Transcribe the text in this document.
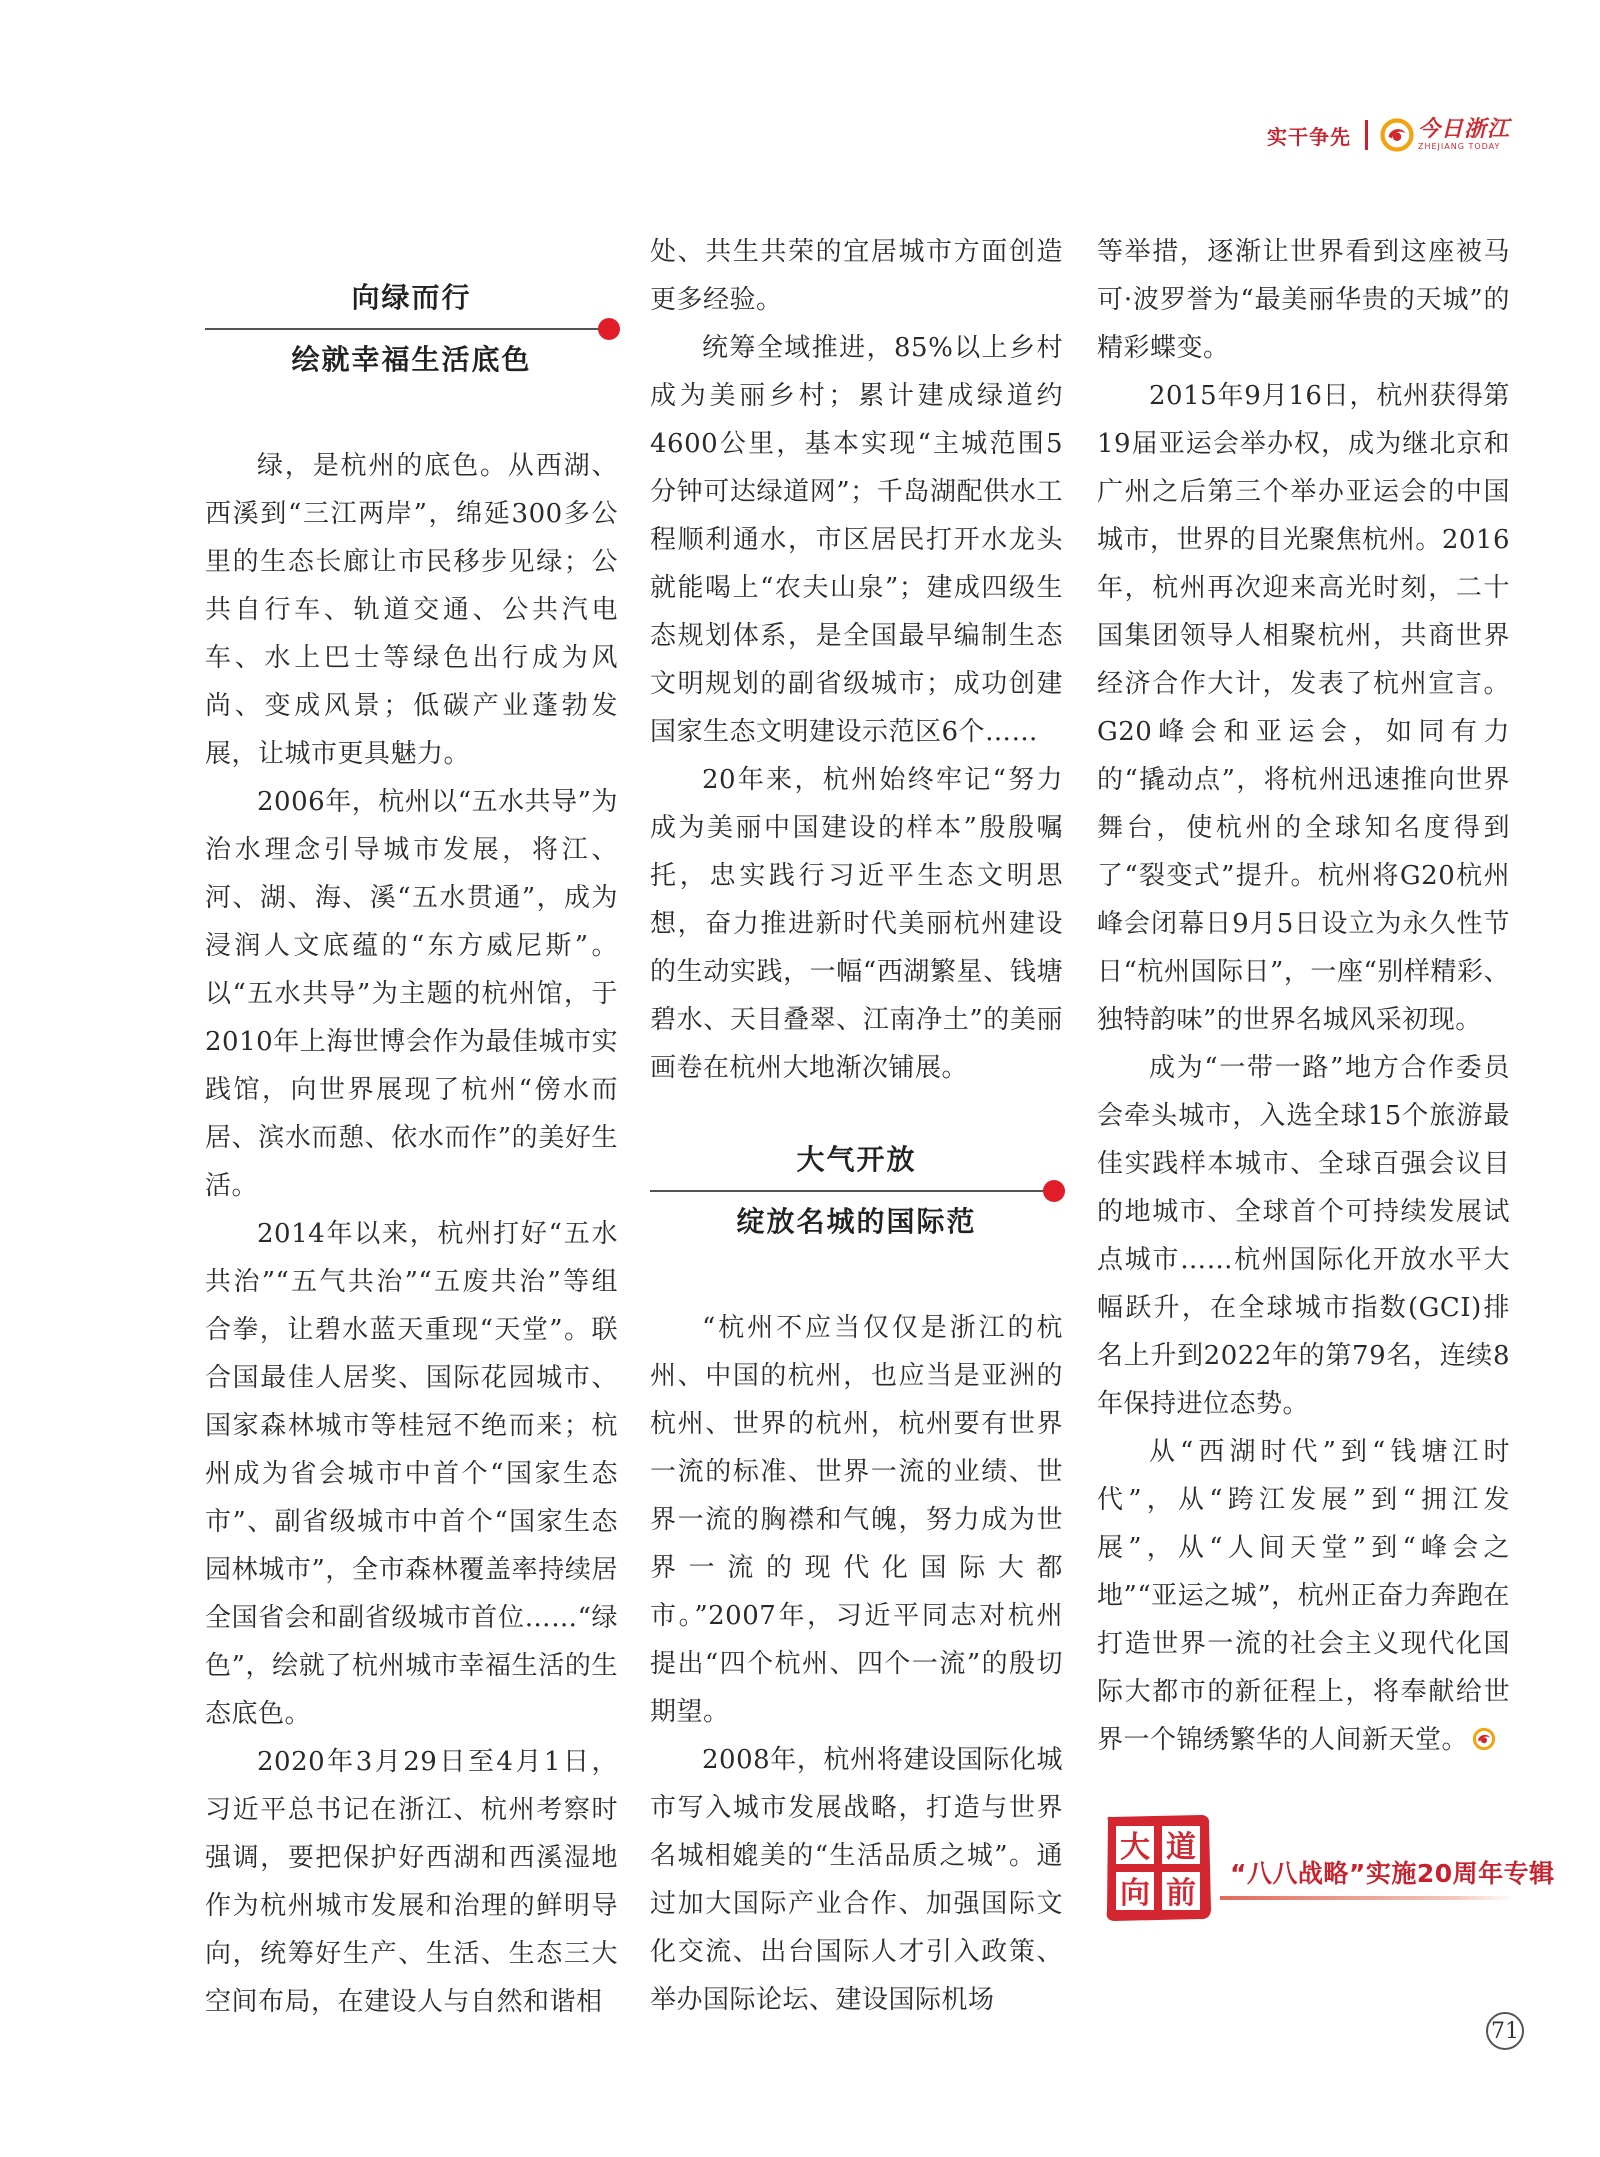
实干争先	今日浙江
ZHEJIANG TODAY
向绿而行
绘就幸福生活底色

绿，是杭州的底色。从西湖、西溪到“三江两岸”，绵延300多公里的生态长廊让市民移步见绿；公共自行车、轨道交通、公共汽电车、水上巴士等绿色出行成为风尚、变成风景；低碳产业蓬勃发展，让城市更具魅力。

2006年，杭州以“五水共导”为治水理念引导城市发展，将江、河、湖、海、溪“五水贯通”，成为浸润人文底蕴的“东方威尼斯”。以“五水共导”为主题的杭州馆，于2010年上海世博会作为最佳城市实践馆，向世界展现了杭州“傍水而居、滨水而憩、依水而作”的美好生活。

2014年以来，杭州打好“五水共治”“五气共治”“五废共治”等组合拳，让碧水蓝天重现“天堂”。联合国最佳人居奖、国际花园城市、国家森林城市等桂冠不绝而来；杭州成为省会城市中首个“国家生态市”、副省级城市中首个“国家生态园林城市”，全市森林覆盖率持续居全国省会和副省级城市首位……“绿色”，绘就了杭州城市幸福生活的生态底色。

2020年3月29日至4月1日，习近平总书记在浙江、杭州考察时强调，要把保护好西湖和西溪湿地作为杭州城市发展和治理的鲜明导向，统筹好生产、生活、生态三大空间布局，在建设人与自然和谐相

处、共生共荣的宜居城市方面创造更多经验。

统筹全域推进，85%以上乡村成为美丽乡村；累计建成绿道约4600公里，基本实现“主城范围5分钟可达绿道网”；千岛湖配供水工程顺利通水，市区居民打开水龙头就能喝上“农夫山泉”；建成四级生态规划体系，是全国最早编制生态文明规划的副省级城市；成功创建国家生态文明建设示范区6个……

20年来，杭州始终牢记“努力成为美丽中国建设的样本”殷殷嘱托，忠实践行习近平生态文明思想，奋力推进新时代美丽杭州建设的生动实践，一幅“西湖繁星、钱塘碧水、天目叠翠、江南净土”的美丽画卷在杭州大地渐次铺展。

大气开放
绽放名城的国际范

“杭州不应当仅仅是浙江的杭州、中国的杭州，也应当是亚洲的杭州、世界的杭州，杭州要有世界一流的标准、世界一流的业绩、世界一流的胸襟和气魄，努力成为世界一流的现代化国际大都市。”2007年，习近平同志对杭州提出“四个杭州、四个一流”的殷切期望。

2008年，杭州将建设国际化城市写入城市发展战略，打造与世界名城相媲美的“生活品质之城”。通过加大国际产业合作、加强国际文化交流、出台国际人才引入政策、举办国际论坛、建设国际机场

等举措，逐渐让世界看到这座被马可·波罗誉为“最美丽华贵的天城”的精彩蝶变。

2015年9月16日，杭州获得第19届亚运会举办权，成为继北京和广州之后第三个举办亚运会的中国城市，世界的目光聚焦杭州。2016年，杭州再次迎来高光时刻，二十国集团领导人相聚杭州，共商世界经济合作大计，发表了杭州宣言。G20峰会和亚运会，如同有力的“撬动点”，将杭州迅速推向世界舞台，使杭州的全球知名度得到了“裂变式”提升。杭州将G20杭州峰会闭幕日9月5日设立为永久性节日“杭州国际日”，一座“别样精彩、独特韵味”的世界名城风采初现。

成为“一带一路”地方合作委员会牵头城市，入选全球15个旅游最佳实践样本城市、全球百强会议目的地城市、全球首个可持续发展试点城市……杭州国际化开放水平大幅跃升，在全球城市指数(GCI)排名上升到2022年的第79名，连续8年保持进位态势。

从“西湖时代”到“钱塘江时代”，从“跨江发展”到“拥江发展”，从“人间天堂”到“峰会之地”“亚运之城”，杭州正奋力奔跑在打造世界一流的社会主义现代化国际大都市的新征程上，将奉献给世界一个锦绣繁华的人间新天堂。

大 道
向 前
“八八战略”实施20周年专辑
71
